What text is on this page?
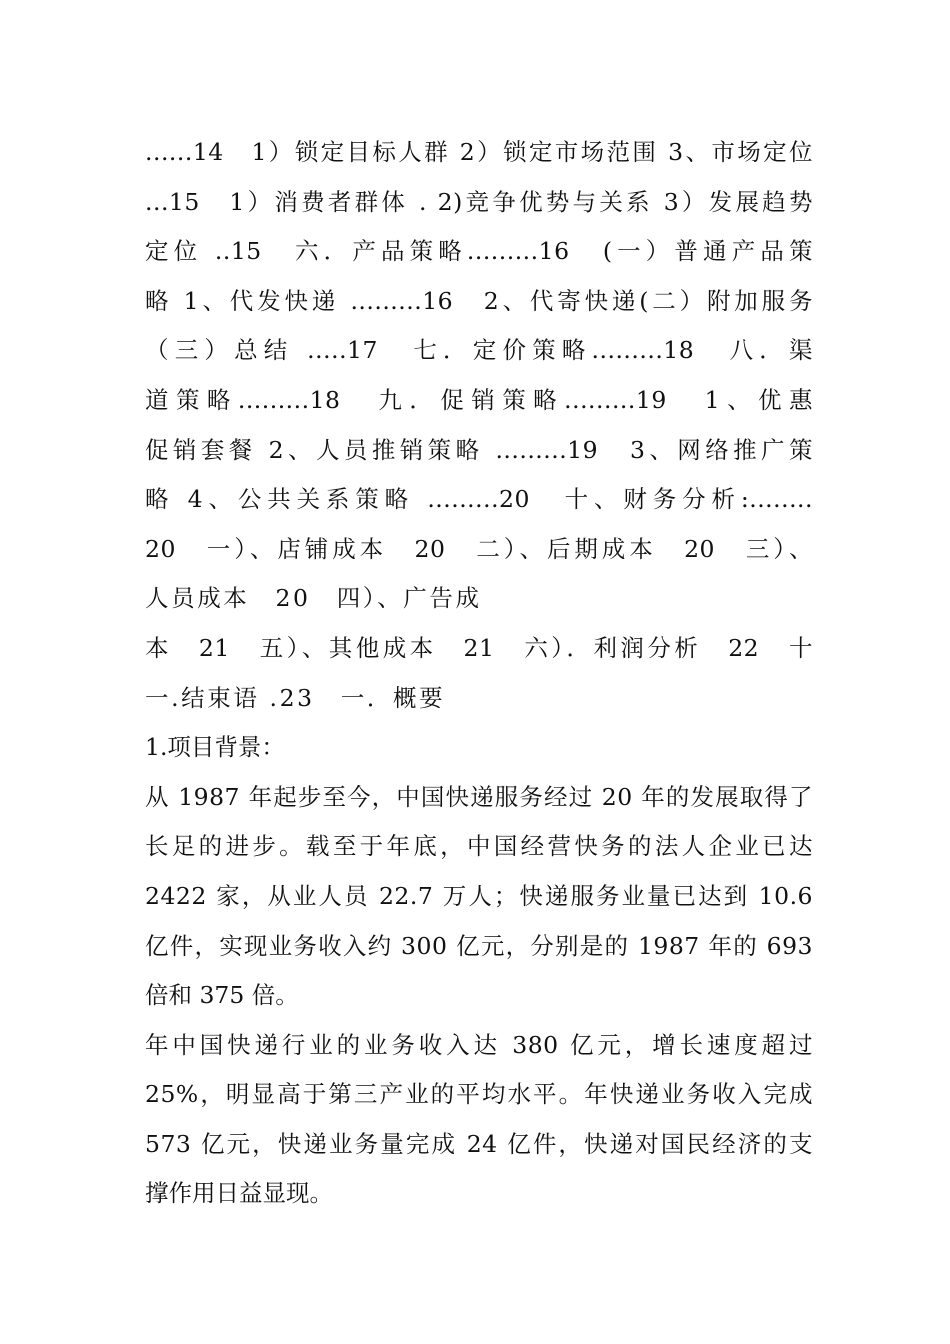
......14　1）锁定目标人群 2）锁定市场范围 3、市场定位
...15　1）消费者群体 . 2)竞争优势与关系 3）发展趋势
定位 ..15　六．产品策略.........16　(一）普通产品策
略 1、代发快递 .........16　2、代寄快递(二）附加服务
（三）总结 .....17　七．定价策略.........18　八．渠
道策略.........18　九．促销策略.........19　1、优惠
促销套餐 2、人员推销策略 .........19　3、网络推广策
略 4、公共关系策略 .........20　十、财务分析:........
20　一）、店铺成本　20　二）、后期成本　20　三）、
人员成本　20　四）、广告成
本　21　五）、其他成本　21　六）．利润分析　22　十
一.结束语 .23　一．概要
1.项目背景：
从 1987 年起步至今，中国快递服务经过 20 年的发展取得了
长足的进步。载至于年底，中国经营快务的法人企业已达
2422 家，从业人员 22.7 万人；快递服务业量已达到 10.6
亿件，实现业务收入约 300 亿元，分别是的 1987 年的 693
倍和 375 倍。
年中国快递行业的业务收入达 380 亿元，增长速度超过
25%，明显高于第三产业的平均水平。年快递业务收入完成
573 亿元，快递业务量完成 24 亿件，快递对国民经济的支
撑作用日益显现。
